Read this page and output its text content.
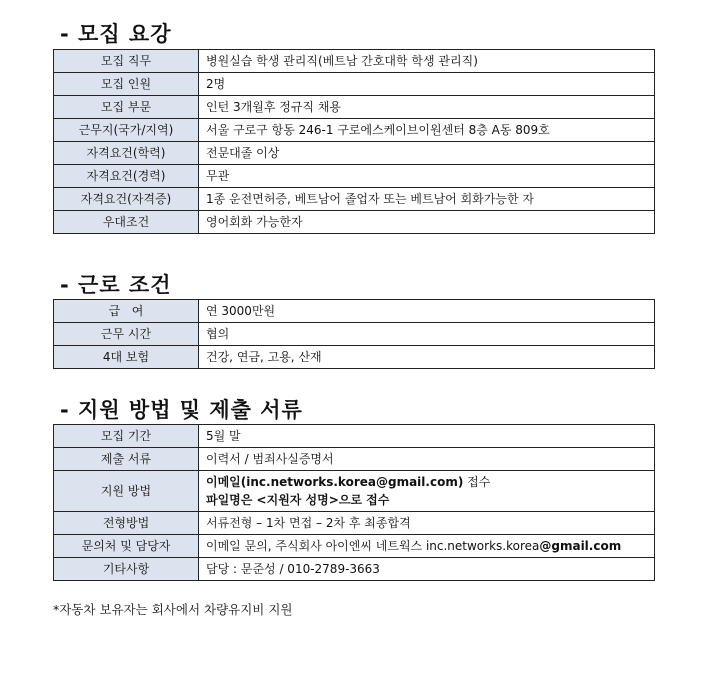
- 모집 요강
모집 직무	병원실습 학생 관리직(베트남 간호대학 학생 관리직)
모집 인원	2명
모집 부문	인턴 3개월후 정규직 채용
근무지(국가/지역)	서울 구로구 항동 246-1 구로에스케이브이원센터 8층 A동 809호
자격요건(학력)	전문대졸 이상
자격요건(경력)	무관
자격요건(자격증)	1종 운전면허증, 베트남어 졸업자 또는 베트남어 회화가능한 자
우대조건	영어회화 가능한자
- 근로 조건
급   여	연 3000만원
근무 시간	협의
4대 보험	건강, 연금, 고용, 산재
- 지원 방법 및 제출 서류
모집 기간	5월 말
제출 서류	이력서 / 범죄사실증명서
지원 방법	이메일(inc.networks.korea@gmail.com) 접수
파일명은 <지원자 성명>으로 접수

전형방법	서류전형 – 1차 면접 – 2차 후 최종합격
문의처 및 담당자	이메일 문의, 주식회사 아이엔씨 네트웍스 inc.networks.korea@gmail.com
기타사항	담당 : 문준성 / 010-2789-3663
*자동차 보유자는 회사에서 차량유지비 지원
